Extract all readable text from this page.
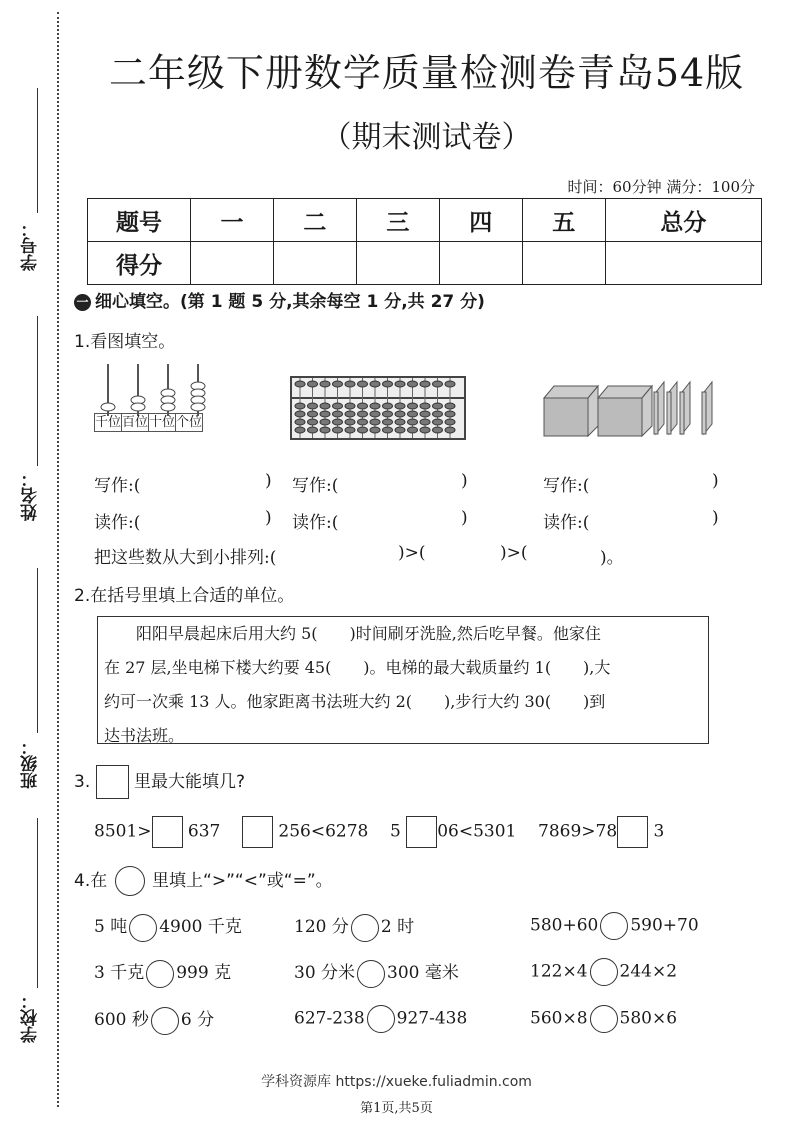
学号：
姓名：
班级：
学校：
二年级下册数学质量检测卷青岛54版
（期末测试卷）
时间：60分钟 满分：100分
题号	一	二	三	四	五	总分
得分						
一 细心填空。(第 1 题 5 分,其余每空 1 分,共 27 分)
1.看图填空。
千位	百位	十位	个位
写作:(	) 写作:(	)	写作:(	)
读作:(	) 读作:(	)	读作:(	)
把这些数从大到小排列:(	)>(	)>(	)。
2.在括号里填上合适的单位。
　　阳阳早晨起床后用大约 5(　　)时间刷牙洗脸,然后吃早餐。他家住
在 27 层,坐电梯下楼大约要 45(　　)。电梯的最大载质量约 1(　　),大
约可一次乘 13 人。他家距离书法班大约 2(　　),步行大约 30(　　)到
达书法班。
3.	里最大能填几?
8501> 637	256<6278 5 06<5301 7869>78 3
4.在	里填上“>”“<”或“=”。
5 吨 4900 千克	120 分 2 时	580+60 590+70
3 千克 999 克	30 分米 300 毫米	122×4 244×2
600 秒 6 分	627-238 927-438	560×8 580×6
学科资源库 https://xueke.fuliadmin.com
第1页,共5页
